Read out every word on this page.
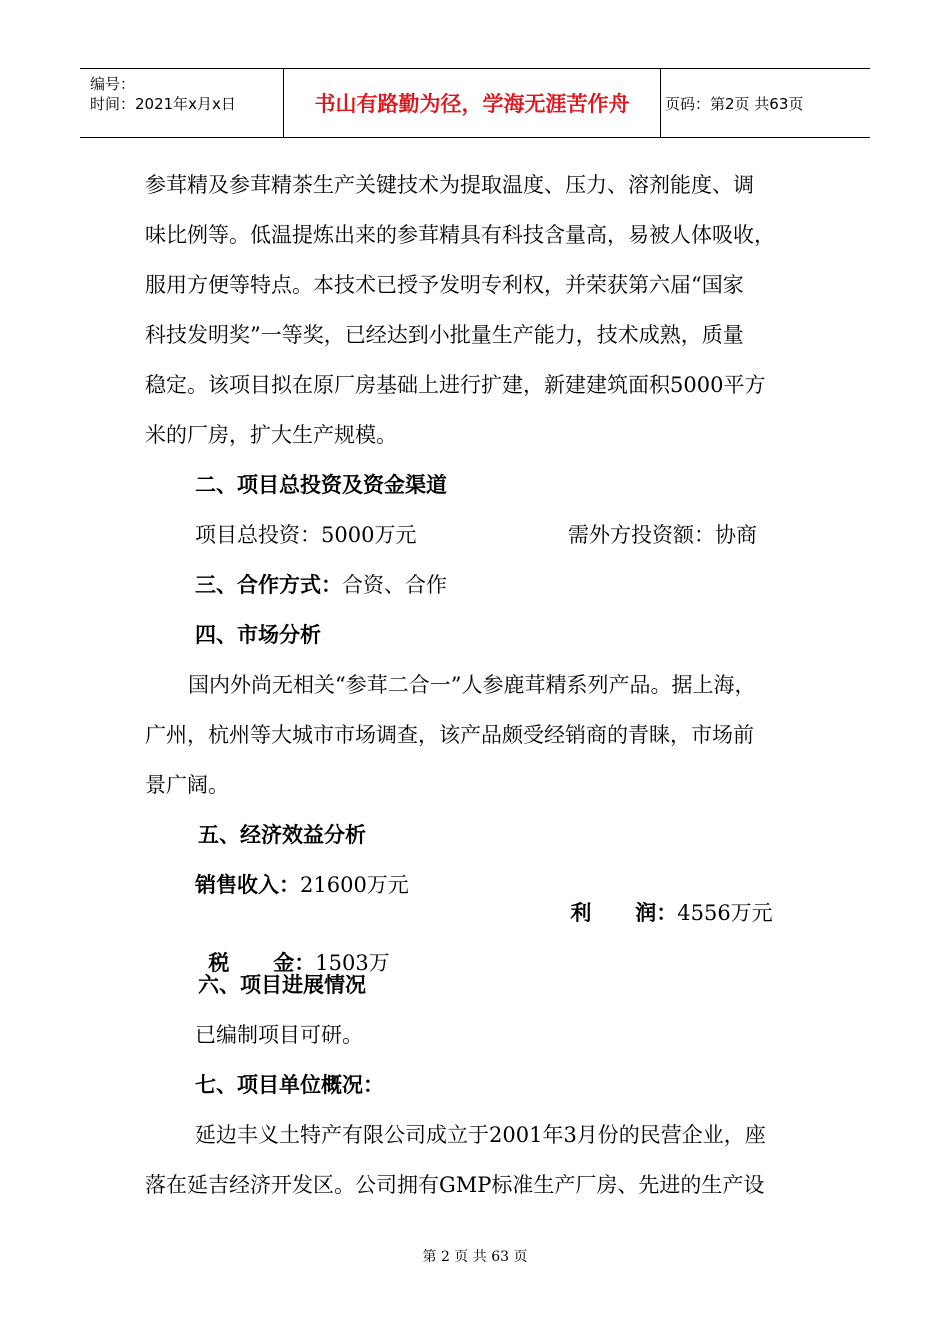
编号：
时间：2021年x月x日	书山有路勤为径，学海无涯苦作舟	页码：第2页 共63页
参茸精及参茸精茶生产关键技术为提取温度、压力、溶剂能度、调
味比例等。低温提炼出来的参茸精具有科技含量高，易被人体吸收，
服用方便等特点。本技术已授予发明专利权，并荣获第六届“国家
科技发明奖”一等奖，已经达到小批量生产能力，技术成熟，质量
稳定。该项目拟在原厂房基础上进行扩建，新建建筑面积5000平方
米的厂房，扩大生产规模。
二、项目总投资及资金渠道
项目总投资：5000万元	需外方投资额：协商
三、合作方式：合资、合作
四、市场分析
国内外尚无相关“参茸二合一”人参鹿茸精系列产品。据上海，
广州，杭州等大城市市场调查，该产品颇受经销商的青睐，市场前
景广阔。
五、经济效益分析
销售收入：21600万元

利      润：4556万元

税      金：1503万

六、项目进展情况
已编制项目可研。
七、项目单位概况：
延边丰义土特产有限公司成立于2001年3月份的民营企业，座
落在延吉经济开发区。公司拥有GMP标准生产厂房、先进的生产设
第 2 页 共 63 页
